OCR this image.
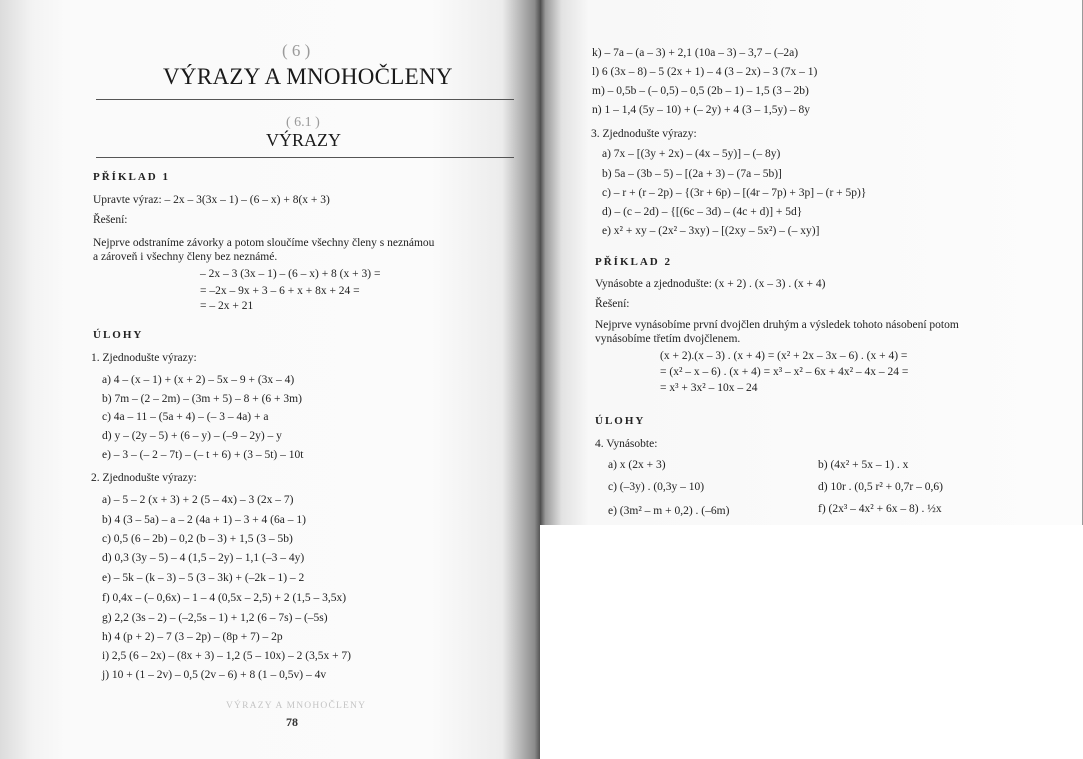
( 6 )
VÝRAZY A MNOHOČLENY
( 6.1 )
VÝRAZY
PŘÍKLAD 1
Upravte výraz: – 2x – 3(3x – 1) – (6 – x) + 8(x + 3)
Řešení:
Nejprve odstraníme závorky a potom sloučíme všechny členy s neznámou
a zároveň i všechny členy bez neznámé.
– 2x – 3 (3x – 1) – (6 – x) + 8 (x + 3) =
= –2x – 9x + 3 – 6 + x + 8x + 24 =
= – 2x + 21
ÚLOHY
1. Zjednodušte výrazy:
a) 4 – (x – 1) + (x + 2) – 5x – 9 + (3x – 4)
b) 7m – (2 – 2m) – (3m + 5) – 8 + (6 + 3m)
c) 4a – 11 – (5a + 4) – (– 3 – 4a) + a
d) y – (2y – 5) + (6 – y) – (–9 – 2y) – y
e) – 3 – (– 2 – 7t) – (– t + 6) + (3 – 5t) – 10t
2. Zjednodušte výrazy:
a) – 5 – 2 (x + 3) + 2 (5 – 4x) – 3 (2x – 7)
b) 4 (3 – 5a) – a – 2 (4a + 1) – 3 + 4 (6a – 1)
c) 0,5 (6 – 2b) – 0,2 (b – 3) + 1,5 (3 – 5b)
d) 0,3 (3y – 5) – 4 (1,5 – 2y) – 1,1 (–3 – 4y)
e) – 5k – (k – 3) – 5 (3 – 3k) + (–2k – 1) – 2
f) 0,4x – (– 0,6x) – 1 – 4 (0,5x – 2,5) + 2 (1,5 – 3,5x)
g) 2,2 (3s – 2) – (–2,5s – 1) + 1,2 (6 – 7s) – (–5s)
h) 4 (p + 2) – 7 (3 – 2p) – (8p + 7) – 2p
i) 2,5 (6 – 2x) – (8x + 3) – 1,2 (5 – 10x) – 2 (3,5x + 7)
j) 10 + (1 – 2v) – 0,5 (2v – 6) + 8 (1 – 0,5v) – 4v
VÝRAZY A MNOHOČLENY
78
k) – 7a – (a – 3) + 2,1 (10a – 3) – 3,7 – (–2a)
l) 6 (3x – 8) – 5 (2x + 1) – 4 (3 – 2x) – 3 (7x – 1)
m) – 0,5b – (– 0,5) – 0,5 (2b – 1) – 1,5 (3 – 2b)
n) 1 – 1,4 (5y – 10) + (– 2y) + 4 (3 – 1,5y) – 8y
3. Zjednodušte výrazy:
a) 7x – [(3y + 2x) – (4x – 5y)] – (– 8y)
b) 5a – (3b – 5) – [(2a + 3) – (7a – 5b)]
c) – r + (r – 2p) – {(3r + 6p) – [(4r – 7p) + 3p] – (r + 5p)}
d) – (c – 2d) – {[(6c – 3d) – (4c + d)] + 5d}
e) x² + xy – (2x² – 3xy) – [(2xy – 5x²) – (– xy)]
PŘÍKLAD 2
Vynásobte a zjednodušte: (x + 2) . (x – 3) . (x + 4)
Řešení:
Nejprve vynásobíme první dvojčlen druhým a výsledek tohoto násobení potom
vynásobíme třetím dvojčlenem.
(x + 2).(x – 3) . (x + 4) = (x² + 2x – 3x – 6) . (x + 4) =
= (x² – x – 6) . (x + 4) = x³ – x² – 6x + 4x² – 4x – 24 =
= x³ + 3x² – 10x – 24
ÚLOHY
4. Vynásobte:
a) x (2x + 3)
c) (–3y) . (0,3y – 10)
e) (3m² – m + 0,2) . (–6m)
b) (4x² + 5x – 1) . x
d) 10r . (0,5 r² + 0,7r – 0,6)
f) (2x³ – 4x² + 6x – 8) . ½x
